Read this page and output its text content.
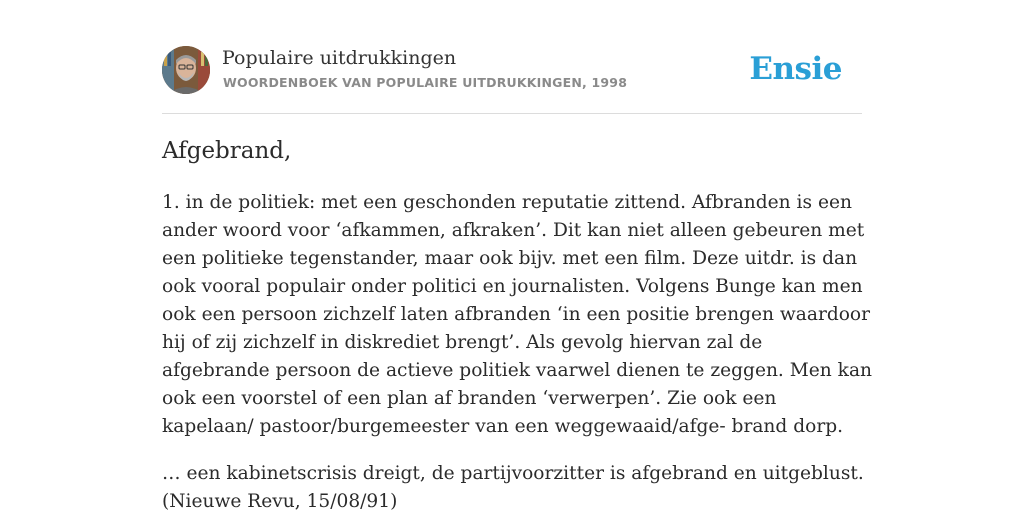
Populaire uitdrukkingen
WOORDENBOEK VAN POPULAIRE UITDRUKKINGEN, 1998	Ensie
Afgebrand,

1. in de politiek: met een geschonden reputatie zittend. Afbranden is een ander woord voor ‘afkammen, afkraken’. Dit kan niet alleen gebeuren met een politieke tegenstander, maar ook bijv. met een film. Deze uitdr. is dan ook vooral populair onder politici en journalisten. Volgens Bunge kan men ook een persoon zichzelf laten afbranden ‘in een positie brengen waardoor hij of zij zichzelf in diskrediet brengt’. Als gevolg hiervan zal de afgebrande persoon de actieve politiek vaarwel dienen te zeggen. Men kan ook een voorstel of een plan af branden ‘verwerpen’. Zie ook een kapelaan/ pastoor/burgemeester van een weggewaaid/afge- brand dorp.

… een kabinetscrisis dreigt, de partijvoorzitter is afgebrand en uitgeblust. (Nieuwe Revu, 15/08/91)
